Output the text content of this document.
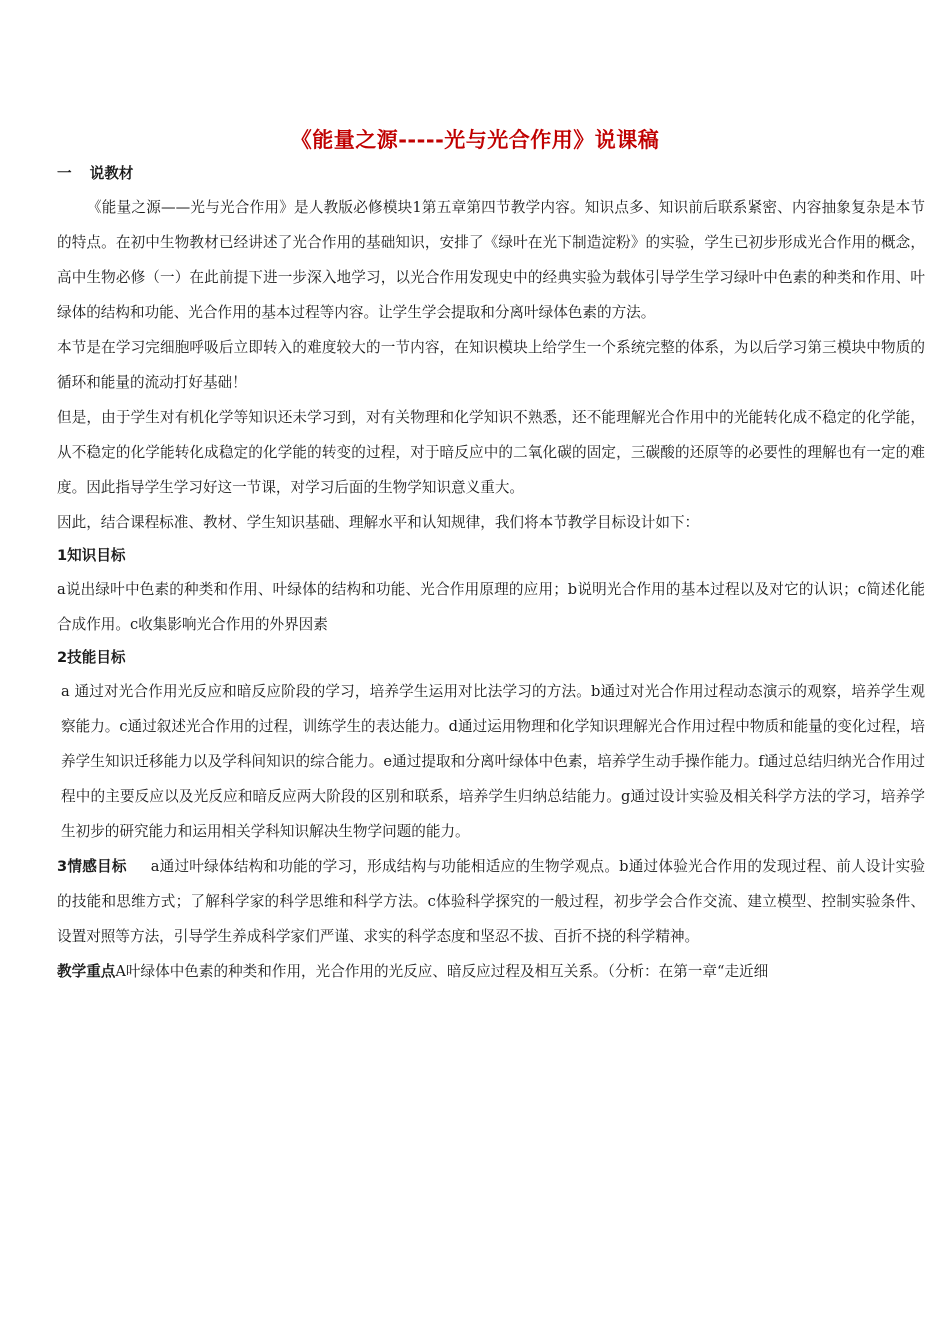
《能量之源-----光与光合作用》说课稿

一 说教材

《能量之源——光与光合作用》是人教版必修模块1第五章第四节教学内容。知识点多、知识前后联系紧密、内容抽象复杂是本节的特点。在初中生物教材已经讲述了光合作用的基础知识，安排了《绿叶在光下制造淀粉》的实验，学生已初步形成光合作用的概念，高中生物必修（一）在此前提下进一步深入地学习，以光合作用发现史中的经典实验为载体引导学生学习绿叶中色素的种类和作用、叶绿体的结构和功能、光合作用的基本过程等内容。让学生学会提取和分离叶绿体色素的方法。

本节是在学习完细胞呼吸后立即转入的难度较大的一节内容，在知识模块上给学生一个系统完整的体系，为以后学习第三模块中物质的循环和能量的流动打好基础！

但是，由于学生对有机化学等知识还未学习到，对有关物理和化学知识不熟悉，还不能理解光合作用中的光能转化成不稳定的化学能，从不稳定的化学能转化成稳定的化学能的转变的过程，对于暗反应中的二氧化碳的固定，三碳酸的还原等的必要性的理解也有一定的难度。因此指导学生学习好这一节课，对学习后面的生物学知识意义重大。

因此，结合课程标准、教材、学生知识基础、理解水平和认知规律，我们将本节教学目标设计如下：

1知识目标

a说出绿叶中色素的种类和作用、叶绿体的结构和功能、光合作用原理的应用；b说明光合作用的基本过程以及对它的认识；c简述化能合成作用。c收集影响光合作用的外界因素

2技能目标

a 通过对光合作用光反应和暗反应阶段的学习，培养学生运用对比法学习的方法。b通过对光合作用过程动态演示的观察，培养学生观察能力。c通过叙述光合作用的过程，训练学生的表达能力。d通过运用物理和化学知识理解光合作用过程中物质和能量的变化过程，培养学生知识迁移能力以及学科间知识的综合能力。e通过提取和分离叶绿体中色素，培养学生动手操作能力。f通过总结归纳光合作用过程中的主要反应以及光反应和暗反应两大阶段的区别和联系，培养学生归纳总结能力。g通过设计实验及相关科学方法的学习，培养学生初步的研究能力和运用相关学科知识解决生物学问题的能力。

3情感目标 a通过叶绿体结构和功能的学习，形成结构与功能相适应的生物学观点。b通过体验光合作用的发现过程、前人设计实验的技能和思维方式；了解科学家的科学思维和科学方法。c体验科学探究的一般过程，初步学会合作交流、建立模型、控制实验条件、设置对照等方法，引导学生养成科学家们严谨、求实的科学态度和坚忍不拔、百折不挠的科学精神。

教学重点A叶绿体中色素的种类和作用，光合作用的光反应、暗反应过程及相互关系。（分析：在第一章“走近细
